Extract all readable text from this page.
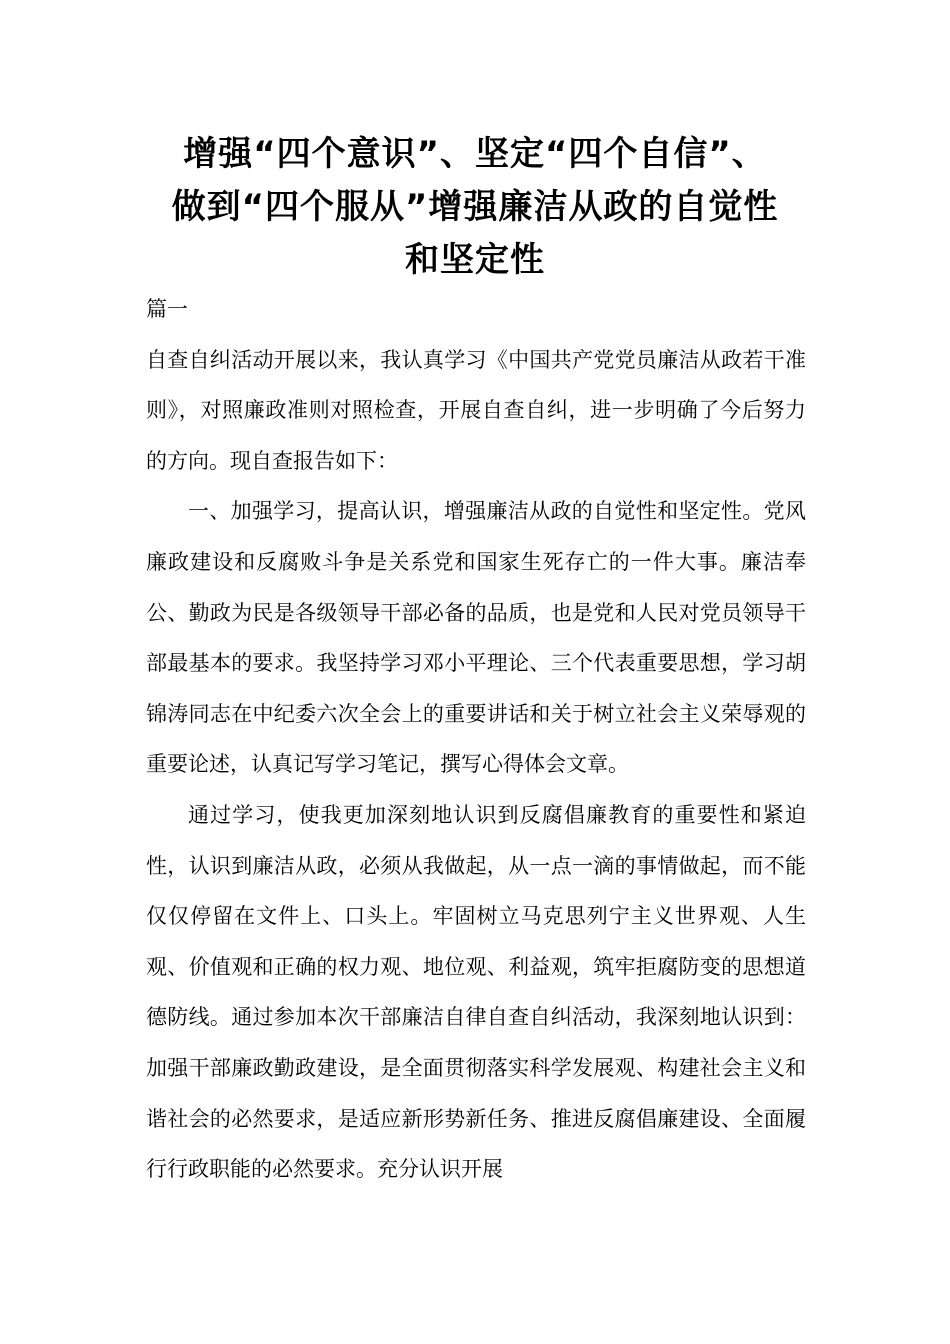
增强“四个意识”、坚定“四个自信”、
做到“四个服从”增强廉洁从政的自觉性
和坚定性

篇一

自查自纠活动开展以来，我认真学习《中国共产党党员廉洁从政若干准则》，对照廉政准则对照检查，开展自查自纠，进一步明确了今后努力的方向。现自查报告如下：

一、加强学习，提高认识，增强廉洁从政的自觉性和坚定性。党风廉政建设和反腐败斗争是关系党和国家生死存亡的一件大事。廉洁奉公、勤政为民是各级领导干部必备的品质，也是党和人民对党员领导干部最基本的要求。我坚持学习邓小平理论、三个代表重要思想，学习胡锦涛同志在中纪委六次全会上的重要讲话和关于树立社会主义荣辱观的重要论述，认真记写学习笔记，撰写心得体会文章。

通过学习，使我更加深刻地认识到反腐倡廉教育的重要性和紧迫性，认识到廉洁从政，必须从我做起，从一点一滴的事情做起，而不能仅仅停留在文件上、口头上。牢固树立马克思列宁主义世界观、人生观、价值观和正确的权力观、地位观、利益观，筑牢拒腐防变的思想道德防线。通过参加本次干部廉洁自律自查自纠活动，我深刻地认识到：加强干部廉政勤政建设，是全面贯彻落实科学发展观、构建社会主义和谐社会的必然要求，是适应新形势新任务、推进反腐倡廉建设、全面履行行政职能的必然要求。充分认识开展
